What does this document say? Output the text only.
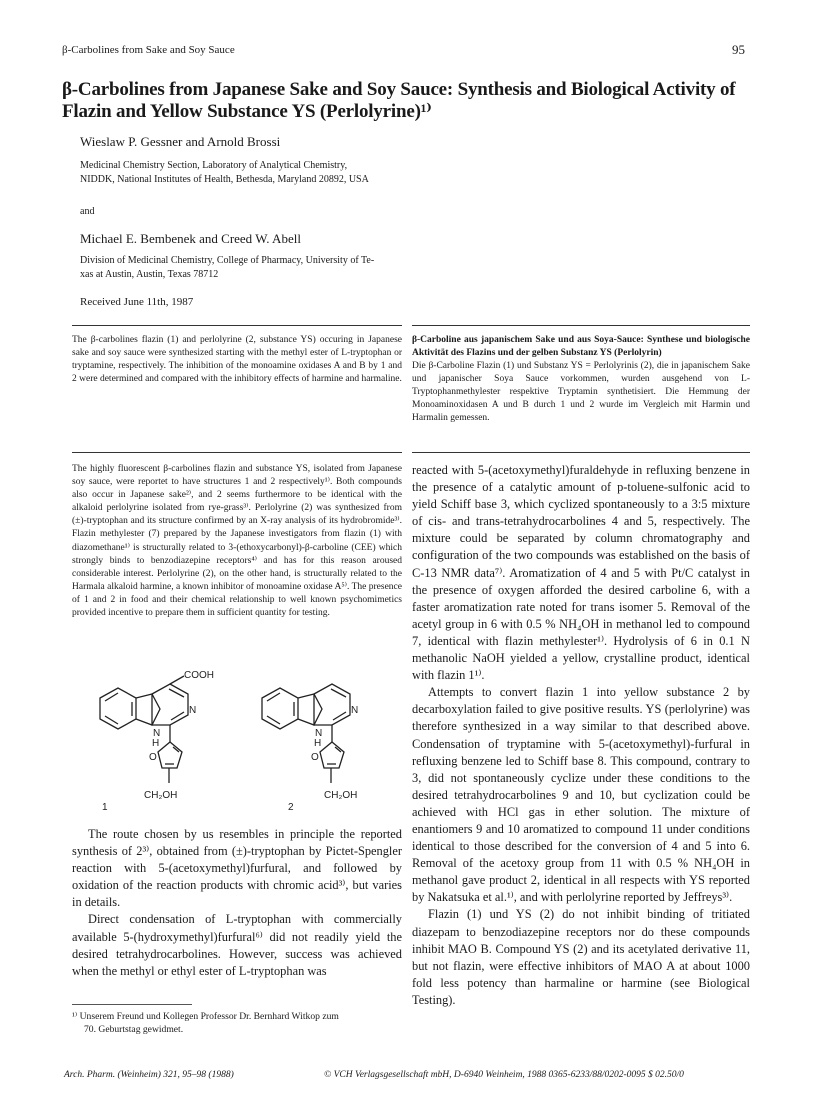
β-Carbolines from Sake and Soy Sauce	95
β-Carbolines from Japanese Sake and Soy Sauce: Synthesis and Biological Activity of Flazin and Yellow Substance YS (Perlolyrine)¹⁾
Wieslaw P. Gessner and Arnold Brossi
Medicinal Chemistry Section, Laboratory of Analytical Chemistry,
NIDDK, National Institutes of Health, Bethesda, Maryland 20892, USA
and
Michael E. Bembenek and Creed W. Abell
Division of Medicinal Chemistry, College of Pharmacy, University of Te-
xas at Austin, Austin, Texas 78712
Received June 11th, 1987
The β-carbolines flazin (1) and perlolyrine (2, substance YS) occuring in Japanese sake and soy sauce were synthesized starting with the methyl ester of L-tryptophan or tryptamine, respectively. The inhibition of the monoamine oxidases A and B by 1 and 2 were determined and compared with the inhibitory effects of harmine and harmaline.
β-Carboline aus japanischem Sake und aus Soya-Sauce: Synthese und biologische Aktivität des Flazins und der gelben Substanz YS (Perlolyrin)
Die β-Carboline Flazin (1) und Substanz YS = Perlolyrinis (2), die in japanischem Sake und japanischer Soya Sauce vorkommen, wurden ausgehend von L-Tryptophanmethylester respektive Tryptamin synthetisiert. Die Hemmung der Monoaminoxidasen A und B durch 1 und 2 wurde im Vergleich mit Harmin und Harmalin gemessen.
The highly fluorescent β-carbolines flazin and substance YS, isolated from Japanese soy sauce, were reportet to have structures 1 and 2 respectively¹⁾. Both compounds also occur in Japanese sake²⁾, and 2 seems furthermore to be identical with the alkaloid perlolyrine isolated from rye-grass³⁾. Perlolyrine (2) was synthesized from (±)-tryptophan and its structure confirmed by an X-ray analysis of its hydrobromide³⁾. Flazin methylester (7) prepared by the Japanese investigators from flazin (1) with diazomethane¹⁾ is structurally related to 3-(ethoxycarbonyl)-β-carboline (CEE) which strongly binds to benzodiazepine receptors⁴⁾ and has for this reason aroused considerable interest. Perlolyrine (2), on the other hand, is structurally related to the Harmala alkaloid harmine, a known inhibitor of monoamine oxidase A⁵⁾. The presence of 1 and 2 in food and their chemical relationship to well known psychomimetics provided incentive to prepare them in sufficient quantity for testing.
COOH
N
N
H
O
CH₂OH
1
N
N
H
O
CH₂OH
2

The route chosen by us resembles in principle the reported synthesis of 2³⁾, obtained from (±)-tryptophan by Pictet-Spengler reaction with 5-(acetoxymethyl)furfural, and followed by oxidation of the reaction products with chromic acid³⁾, but varies in details.

Direct condensation of L-tryptophan with commercially available 5-(hydroxymethyl)furfural⁶⁾ did not readily yield the desired tetrahydrocarbolines. However, success was achieved when the methyl or ethyl ester of L-tryptophan was

¹⁾ Unserem Freund und Kollegen Professor Dr. Bernhard Witkop zum
70. Geburtstag gewidmet.

reacted with 5-(acetoxymethyl)furaldehyde in refluxing benzene in the presence of a catalytic amount of p-toluene-sulfonic acid to yield Schiff base 3, which cyclized spontaneously to a 3:5 mixture of cis- and trans-tetrahydrocarbolines 4 and 5, respectively. The mixture could be separated by column chromatography and configuration of the two compounds was established on the basis of C-13 NMR data⁷⁾. Aromatization of 4 and 5 with Pt/C catalyst in the presence of oxygen afforded the desired carboline 6, with a faster aromatization rate noted for trans isomer 5. Removal of the acetyl group in 6 with 0.5 % NH₄OH in methanol led to compound 7, identical with flazin methylester¹⁾. Hydrolysis of 6 in 0.1 N methanolic NaOH yielded a yellow, crystalline product, identical with flazin 1¹⁾.

Attempts to convert flazin 1 into yellow substance 2 by decarboxylation failed to give positive results. YS (perlolyrine) was therefore synthesized in a way similar to that described above. Condensation of tryptamine with 5-(acetoxymethyl)-furfural in refluxing benzene led to Schiff base 8. This compound, contrary to 3, did not spontaneously cyclize under these conditions to the desired tetrahydrocarbolines 9 and 10, but cyclization could be achieved with HCl gas in ether solution. The mixture of enantiomers 9 and 10 aromatized to compound 11 under conditions identical to those described for the conversion of 4 and 5 into 6. Removal of the acetoxy group from 11 with 0.5 % NH₄OH in methanol gave product 2, identical in all respects with YS reported by Nakatsuka et al.¹⁾, and with perlolyrine reported by Jeffreys³⁾.

Flazin (1) und YS (2) do not inhibit binding of tritiated diazepam to benzodiazepine receptors nor do these compounds inhibit MAO B. Compound YS (2) and its acetylated derivative 11, but not flazin, were effective inhibitors of MAO A at about 1000 fold less potency than harmaline or harmine (see Biological Testing).

Arch. Pharm. (Weinheim) 321, 95–98 (1988)	© VCH Verlagsgesellschaft mbH, D-6940 Weinheim, 1988 0365-6233/88/0202-0095 $ 02.50/0
